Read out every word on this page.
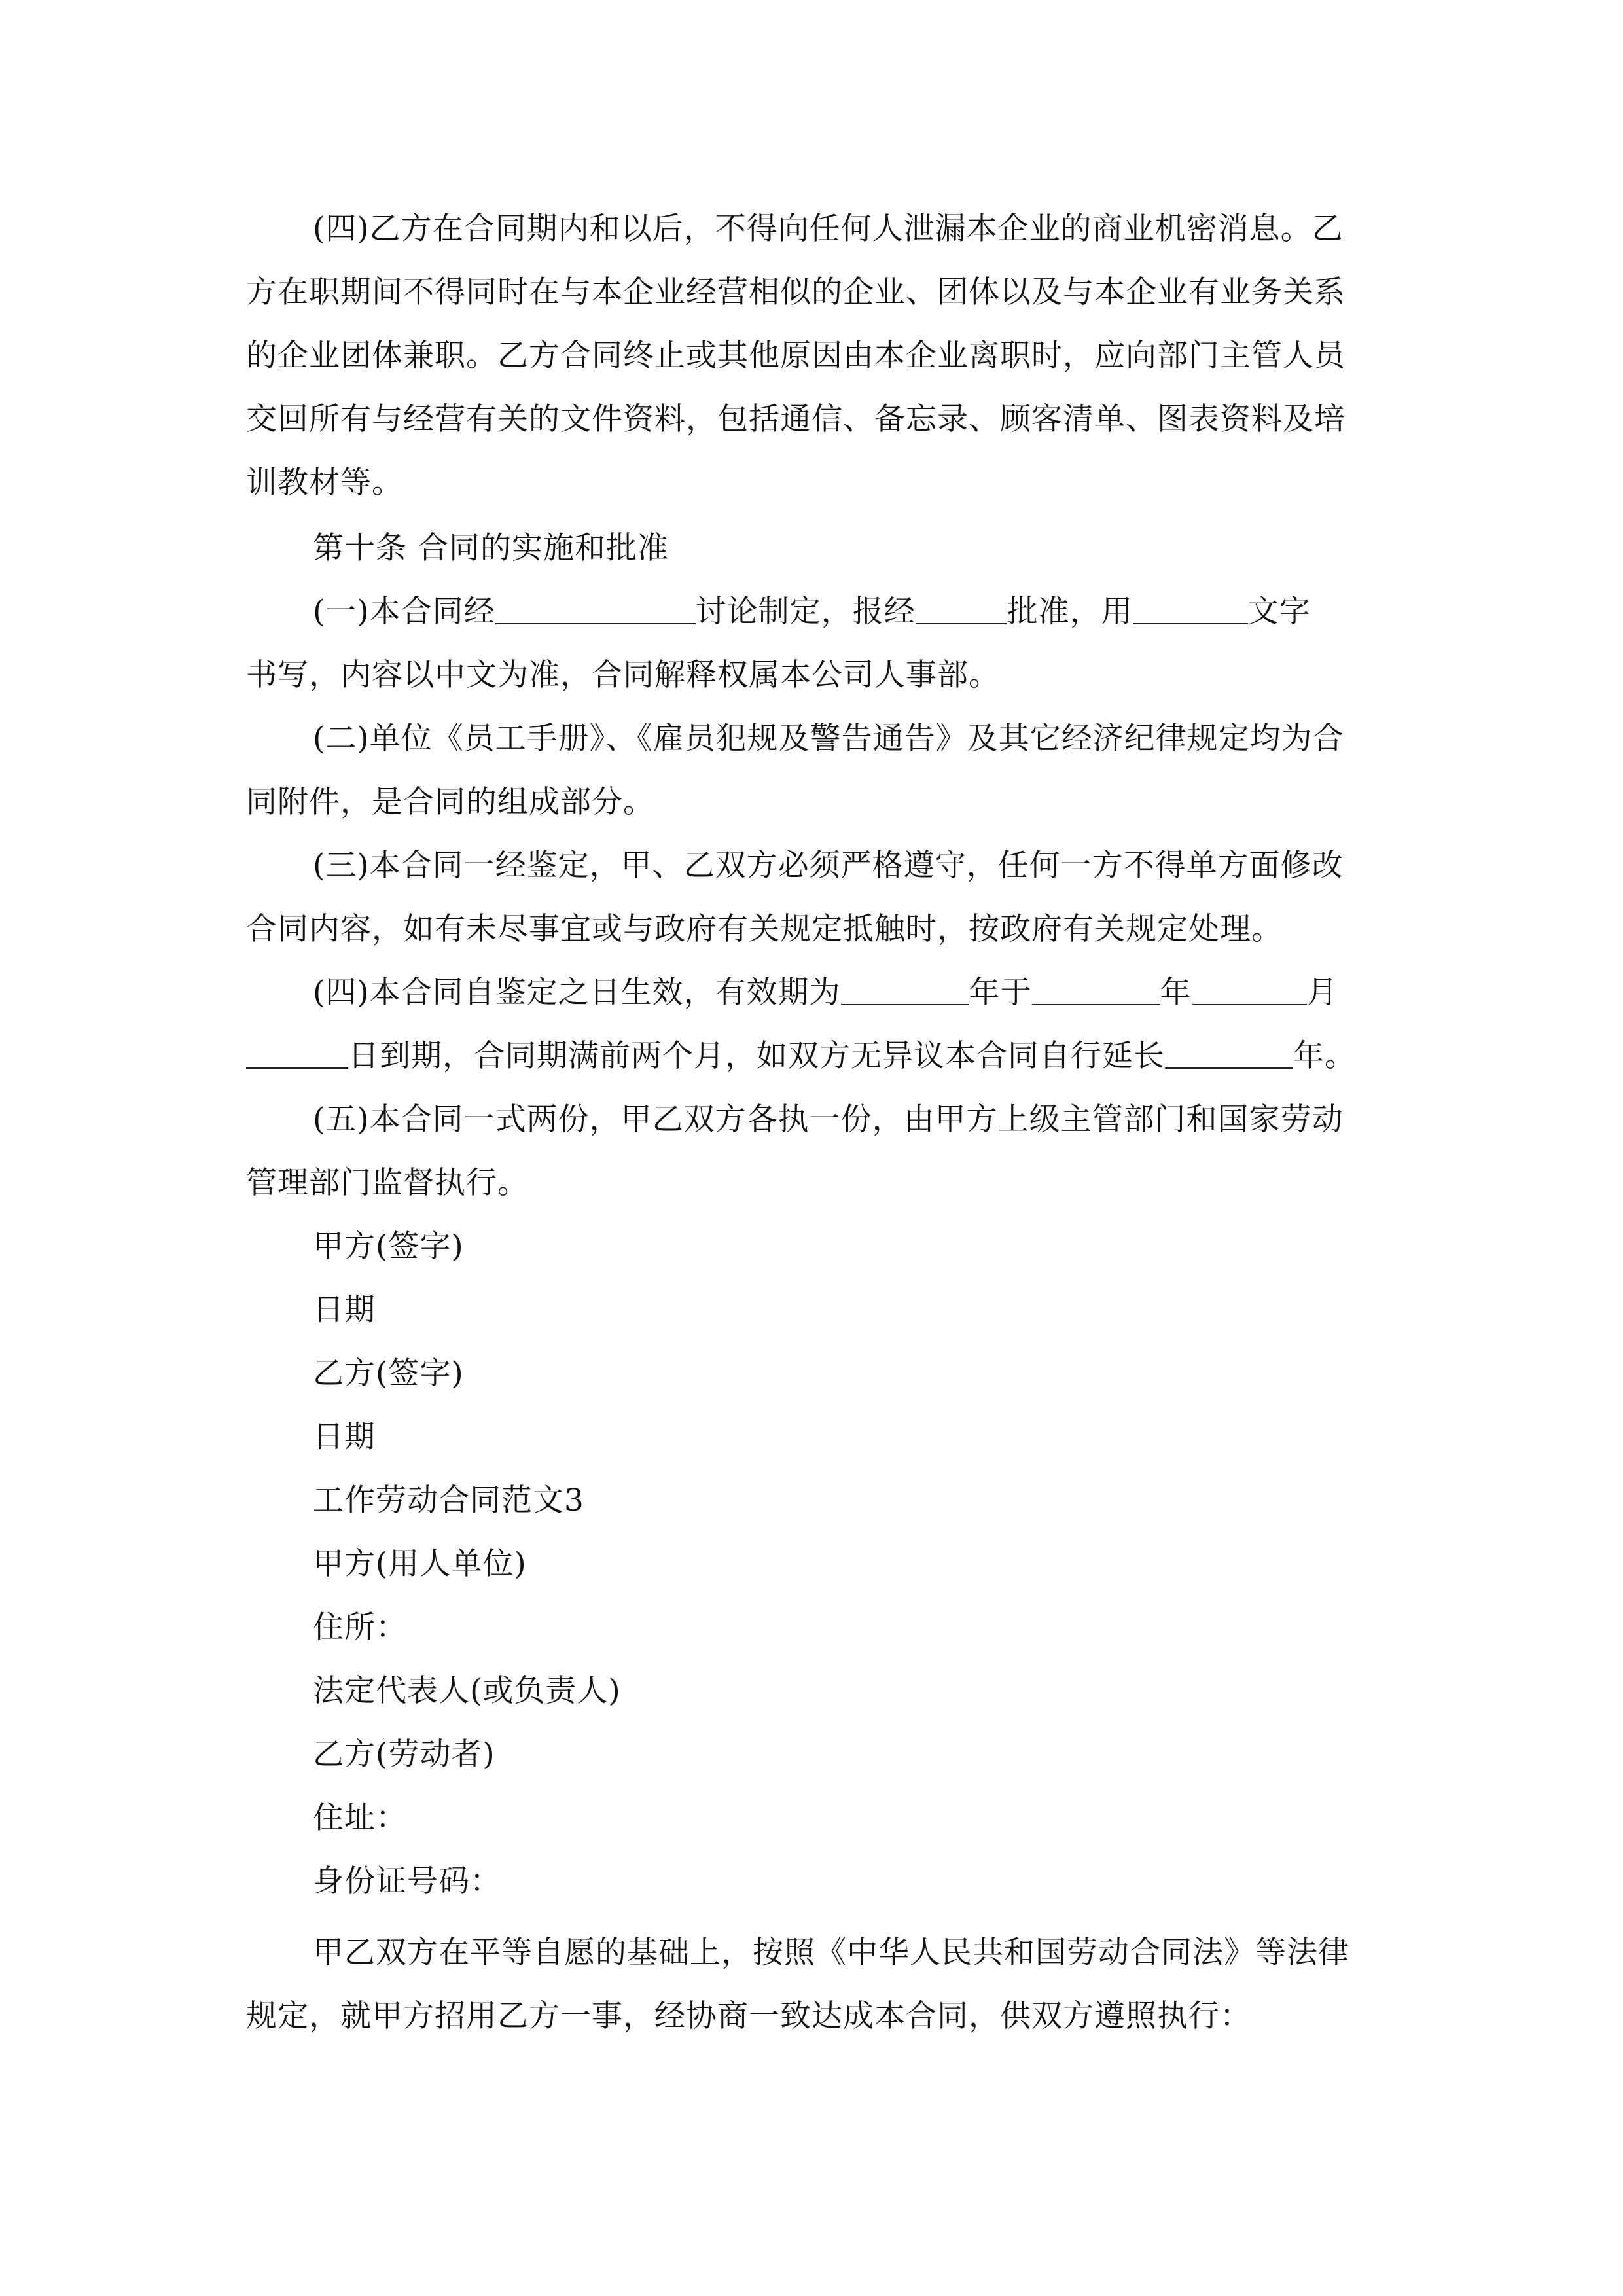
(四)乙方在合同期内和以后，不得向任何人泄漏本企业的商业机密消息。乙
方在职期间不得同时在与本企业经营相似的企业、团体以及与本企业有业务关系
的企业团体兼职。乙方合同终止或其他原因由本企业离职时，应向部门主管人员
交回所有与经营有关的文件资料，包括通信、备忘录、顾客清单、图表资料及培
训教材等。
第十条 合同的实施和批准
(一)本合同经	讨论制定，报经	批准，用	文字
书写，内容以中文为准，合同解释权属本公司人事部。
(二)单位《员工手册》、《雇员犯规及警告通告》及其它经济纪律规定均为合
同附件，是合同的组成部分。
(三)本合同一经鉴定，甲、乙双方必须严格遵守，任何一方不得单方面修改
合同内容，如有未尽事宜或与政府有关规定抵触时，按政府有关规定处理。
(四)本合同自鉴定之日生效，有效期为	年于	年	月
日到期，合同期满前两个月，如双方无异议本合同自行延长	年。
(五)本合同一式两份，甲乙双方各执一份，由甲方上级主管部门和国家劳动
管理部门监督执行。
甲方(签字)
日期
乙方(签字)
日期
工作劳动合同范文3
甲方(用人单位)
住所：
法定代表人(或负责人)
乙方(劳动者)
住址：
身份证号码：
甲乙双方在平等自愿的基础上，按照《中华人民共和国劳动合同法》等法律
规定，就甲方招用乙方一事，经协商一致达成本合同，供双方遵照执行：
